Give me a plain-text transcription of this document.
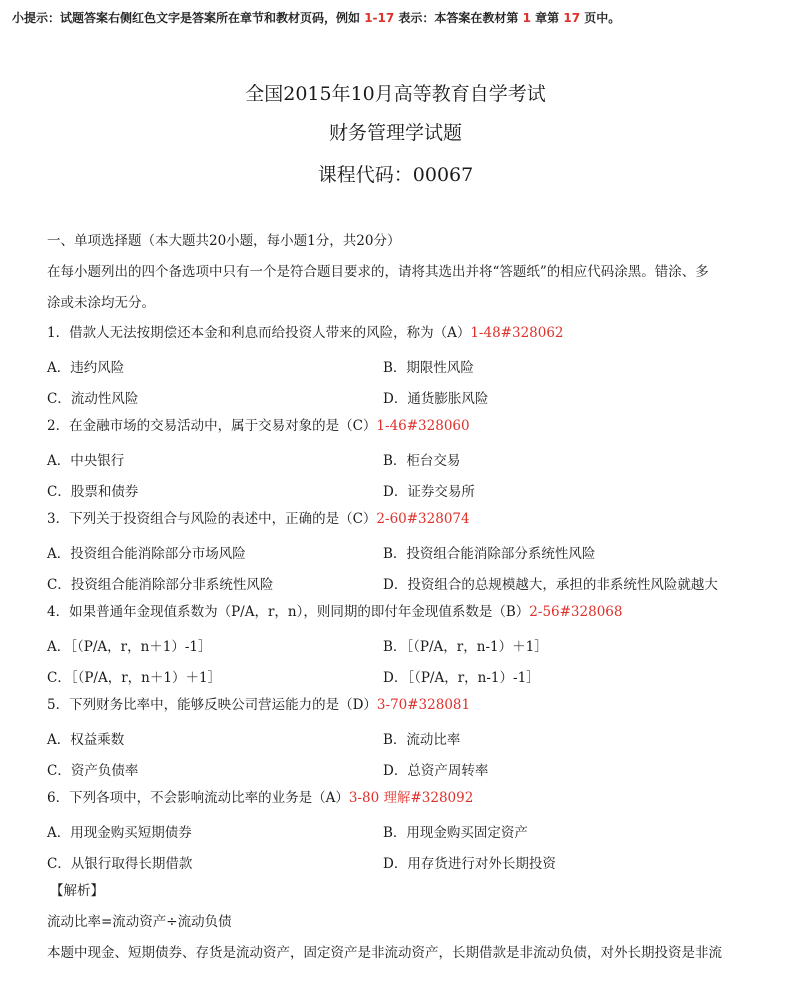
小提示：试题答案右侧红色文字是答案所在章节和教材页码，例如 1-17 表示：本答案在教材第 1 章第 17 页中。
全国2015年10月高等教育自学考试
财务管理学试题
课程代码：00067
一、单项选择题（本大题共20小题，每小题1分，共20分）
在每小题列出的四个备选项中只有一个是符合题目要求的，请将其选出并将“答题纸”的相应代码涂黑。错涂、多
涂或未涂均无分。
1．借款人无法按期偿还本金和利息而给投资人带来的风险，称为（A）1-48#328062
A．违约风险	B．期限性风险
C．流动性风险	D．通货膨胀风险
2．在金融市场的交易活动中，属于交易对象的是（C）1-46#328060
A．中央银行	B．柜台交易
C．股票和债券	D．证券交易所
3．下列关于投资组合与风险的表述中，正确的是（C）2-60#328074
A．投资组合能消除部分市场风险	B．投资组合能消除部分系统性风险
C．投资组合能消除部分非系统性风险	D．投资组合的总规模越大，承担的非系统性风险就越大
4．如果普通年金现值系数为（P/A，r，n），则同期的即付年金现值系数是（B）2-56#328068
A．［（P/A，r，n＋1）-1］	B．［（P/A，r，n-1）＋1］
C．［（P/A，r，n＋1）＋1］	D．［（P/A，r，n-1）-1］
5．下列财务比率中，能够反映公司营运能力的是（D）3-70#328081
A．权益乘数	B．流动比率
C．资产负债率	D．总资产周转率
6．下列各项中，不会影响流动比率的业务是（A）3-80 理解#328092
A．用现金购买短期债券	B．用现金购买固定资产
C．从银行取得长期借款	D．用存货进行对外长期投资
【解析】
流动比率=流动资产÷流动负债
本题中现金、短期债券、存货是流动资产，固定资产是非流动资产，长期借款是非流动负债，对外长期投资是非流
